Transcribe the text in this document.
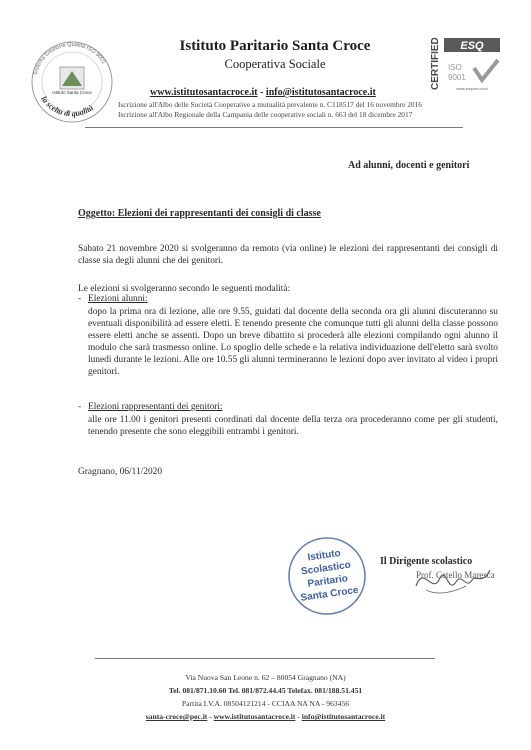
Sistema Gestione Qualità ISO 9001
la scelta di qualità
Istituto Santa Croce
Istituto Paritario Santa Croce
Cooperativa Sociale	CERTIFIED ESQ
ISO
9001
www.esqcert.com
www.istitutosantacroce.it - info@istitutosantacroce.it
Iscrizione all'Albo delle Società Cooperative a mutualità prevalente n. C118517 del 16 novembre 2016
Iscrizione all'Albo Regionale della Campania delle cooperative sociali n. 663 del 18 dicembre 2017
Ad alunni, docenti e genitori
Oggetto: Elezioni dei rappresentanti dei consigli di classe
Sabato 21 novembre 2020 si svolgeranno da remoto (via online) le elezioni dei rappresentanti dei consigli di classe sia degli alunni che dei genitori.
Le elezioni si svolgeranno secondo le seguenti modalità:
- Elezioni alunni:
dopo la prima ora di lezione, alle ore 9.55, guidati dal docente della seconda ora gli alunni discuteranno su eventuali disponibilità ad essere eletti. E tenendo presente che comunque tutti gli alunni della classe possono essere eletti anche se assenti. Dopo un breve dibattito si procederà alle elezioni compilando ogni alunno il modulo che sarà trasmesso online. Lo spoglio delle schede e la relativa individuazione dell'eletto sarà svolto lunedì durante le lezioni. Alle ore 10.55 gli alunni termineranno le lezioni dopo aver invitato al video i propri genitori.
- Elezioni rappresentanti dei genitori:
alle ore 11.00 i genitori presenti coordinati dal docente della terza ora procederanno come per gli studenti, tenendo presente che sono eleggibili entrambi i genitori.
Gragnano, 06/11/2020
Istituto
Scolastico
Paritario
Santa Croce
Il Dirigente scolastico
Prof. Catello Maresca
Via Nuova San Leone n. 62 – 80054 Gragnano (NA)
Tel. 081/871.10.60 Tel. 081/872.44.45 Telefax. 081/188.51.451
Partita I.V.A. 08504121214 - CCIAA NA NA - 963456
santa-croce@pec.it - www.istitutosantacroce.it - info@istitutosantacroce.it
